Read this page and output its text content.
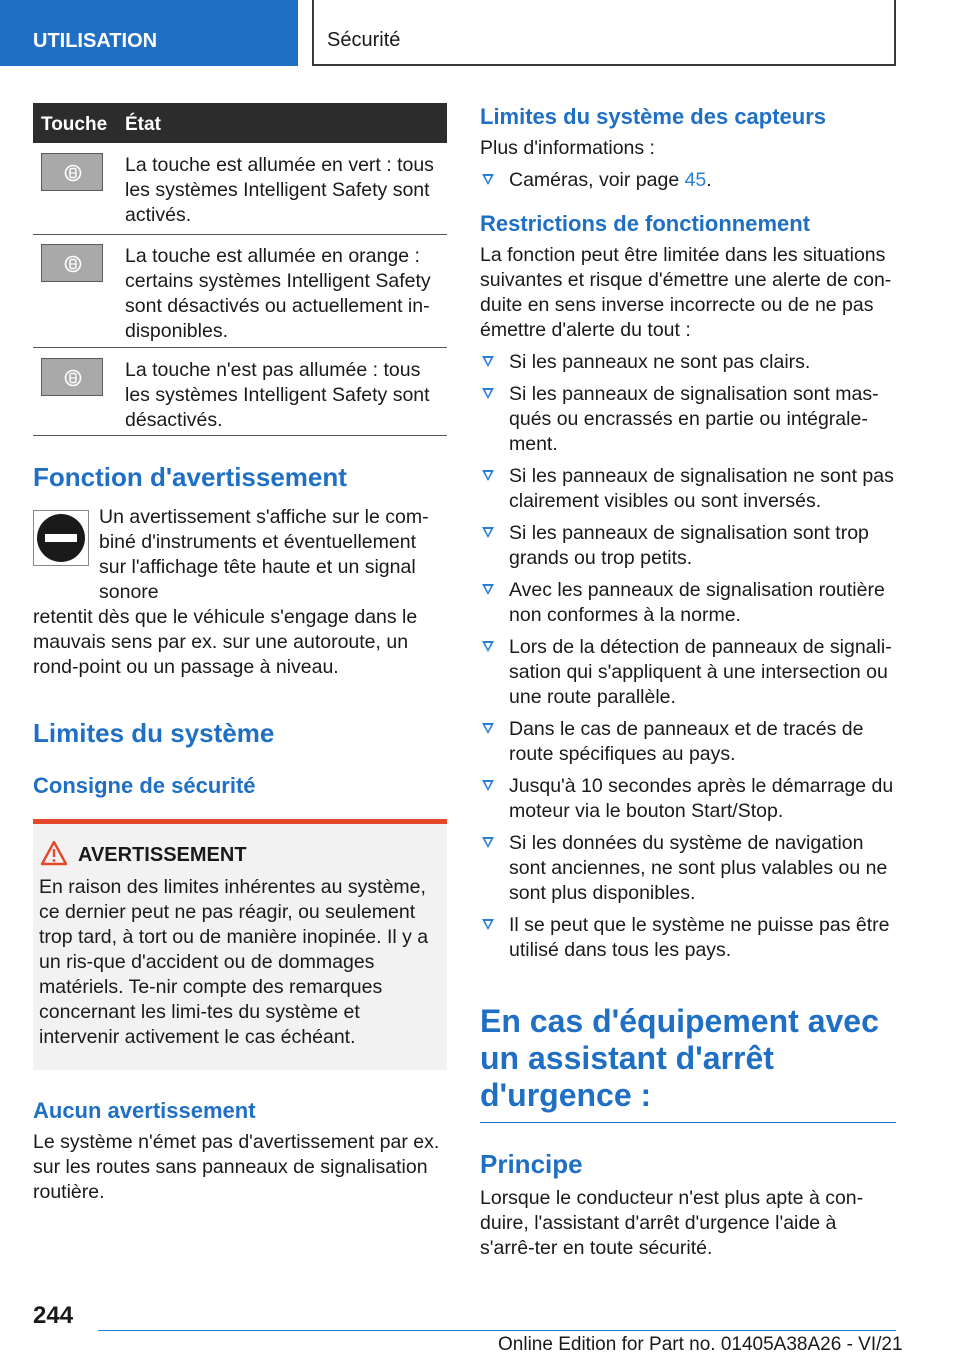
UTILISATION	Sécurité
Touche État
La touche est allumée en vert : tous les systèmes Intelligent Safety sont activés.
La touche est allumée en orange : certains systèmes Intelligent Safety sont désactivés ou actuellement in-disponibles.
La touche n'est pas allumée : tous les systèmes Intelligent Safety sont désactivés.
Fonction d'avertissement
Un avertissement s'affiche sur le com-biné d'instruments et éventuellement sur l'affichage tête haute et un signal sonore
retentit dès que le véhicule s'engage dans le mauvais sens par ex. sur une autoroute, un rond-point ou un passage à niveau.
Limites du système
Consigne de sécurité
AVERTISSEMENT
En raison des limites inhérentes au système, ce dernier peut ne pas réagir, ou seulement trop tard, à tort ou de manière inopinée. Il y a un ris-que d'accident ou de dommages matériels. Te-nir compte des remarques concernant les limi-tes du système et intervenir activement le cas échéant.
Aucun avertissement
Le système n'émet pas d'avertissement par ex. sur les routes sans panneaux de signalisation routière.
Limites du système des capteurs
Plus d'informations :
Caméras, voir page 45.
Restrictions de fonctionnement
La fonction peut être limitée dans les situations suivantes et risque d'émettre une alerte de con-duite en sens inverse incorrecte ou de ne pas émettre d'alerte du tout :
Si les panneaux ne sont pas clairs.
Si les panneaux de signalisation sont mas-qués ou encrassés en partie ou intégrale-ment.
Si les panneaux de signalisation ne sont pas clairement visibles ou sont inversés.
Si les panneaux de signalisation sont trop grands ou trop petits.
Avec les panneaux de signalisation routière non conformes à la norme.
Lors de la détection de panneaux de signali-sation qui s'appliquent à une intersection ou une route parallèle.
Dans le cas de panneaux et de tracés de route spécifiques au pays.
Jusqu'à 10 secondes après le démarrage du moteur via le bouton Start/Stop.
Si les données du système de navigation sont anciennes, ne sont plus valables ou ne sont plus disponibles.
Il se peut que le système ne puisse pas être utilisé dans tous les pays.
En cas d'équipement avec un assistant d'arrêt d'urgence :
Principe
Lorsque le conducteur n'est plus apte à con-duire, l'assistant d'arrêt d'urgence l'aide à s'arrê-ter en toute sécurité.
244
Online Edition for Part no. 01405A38A26 - VI/21
